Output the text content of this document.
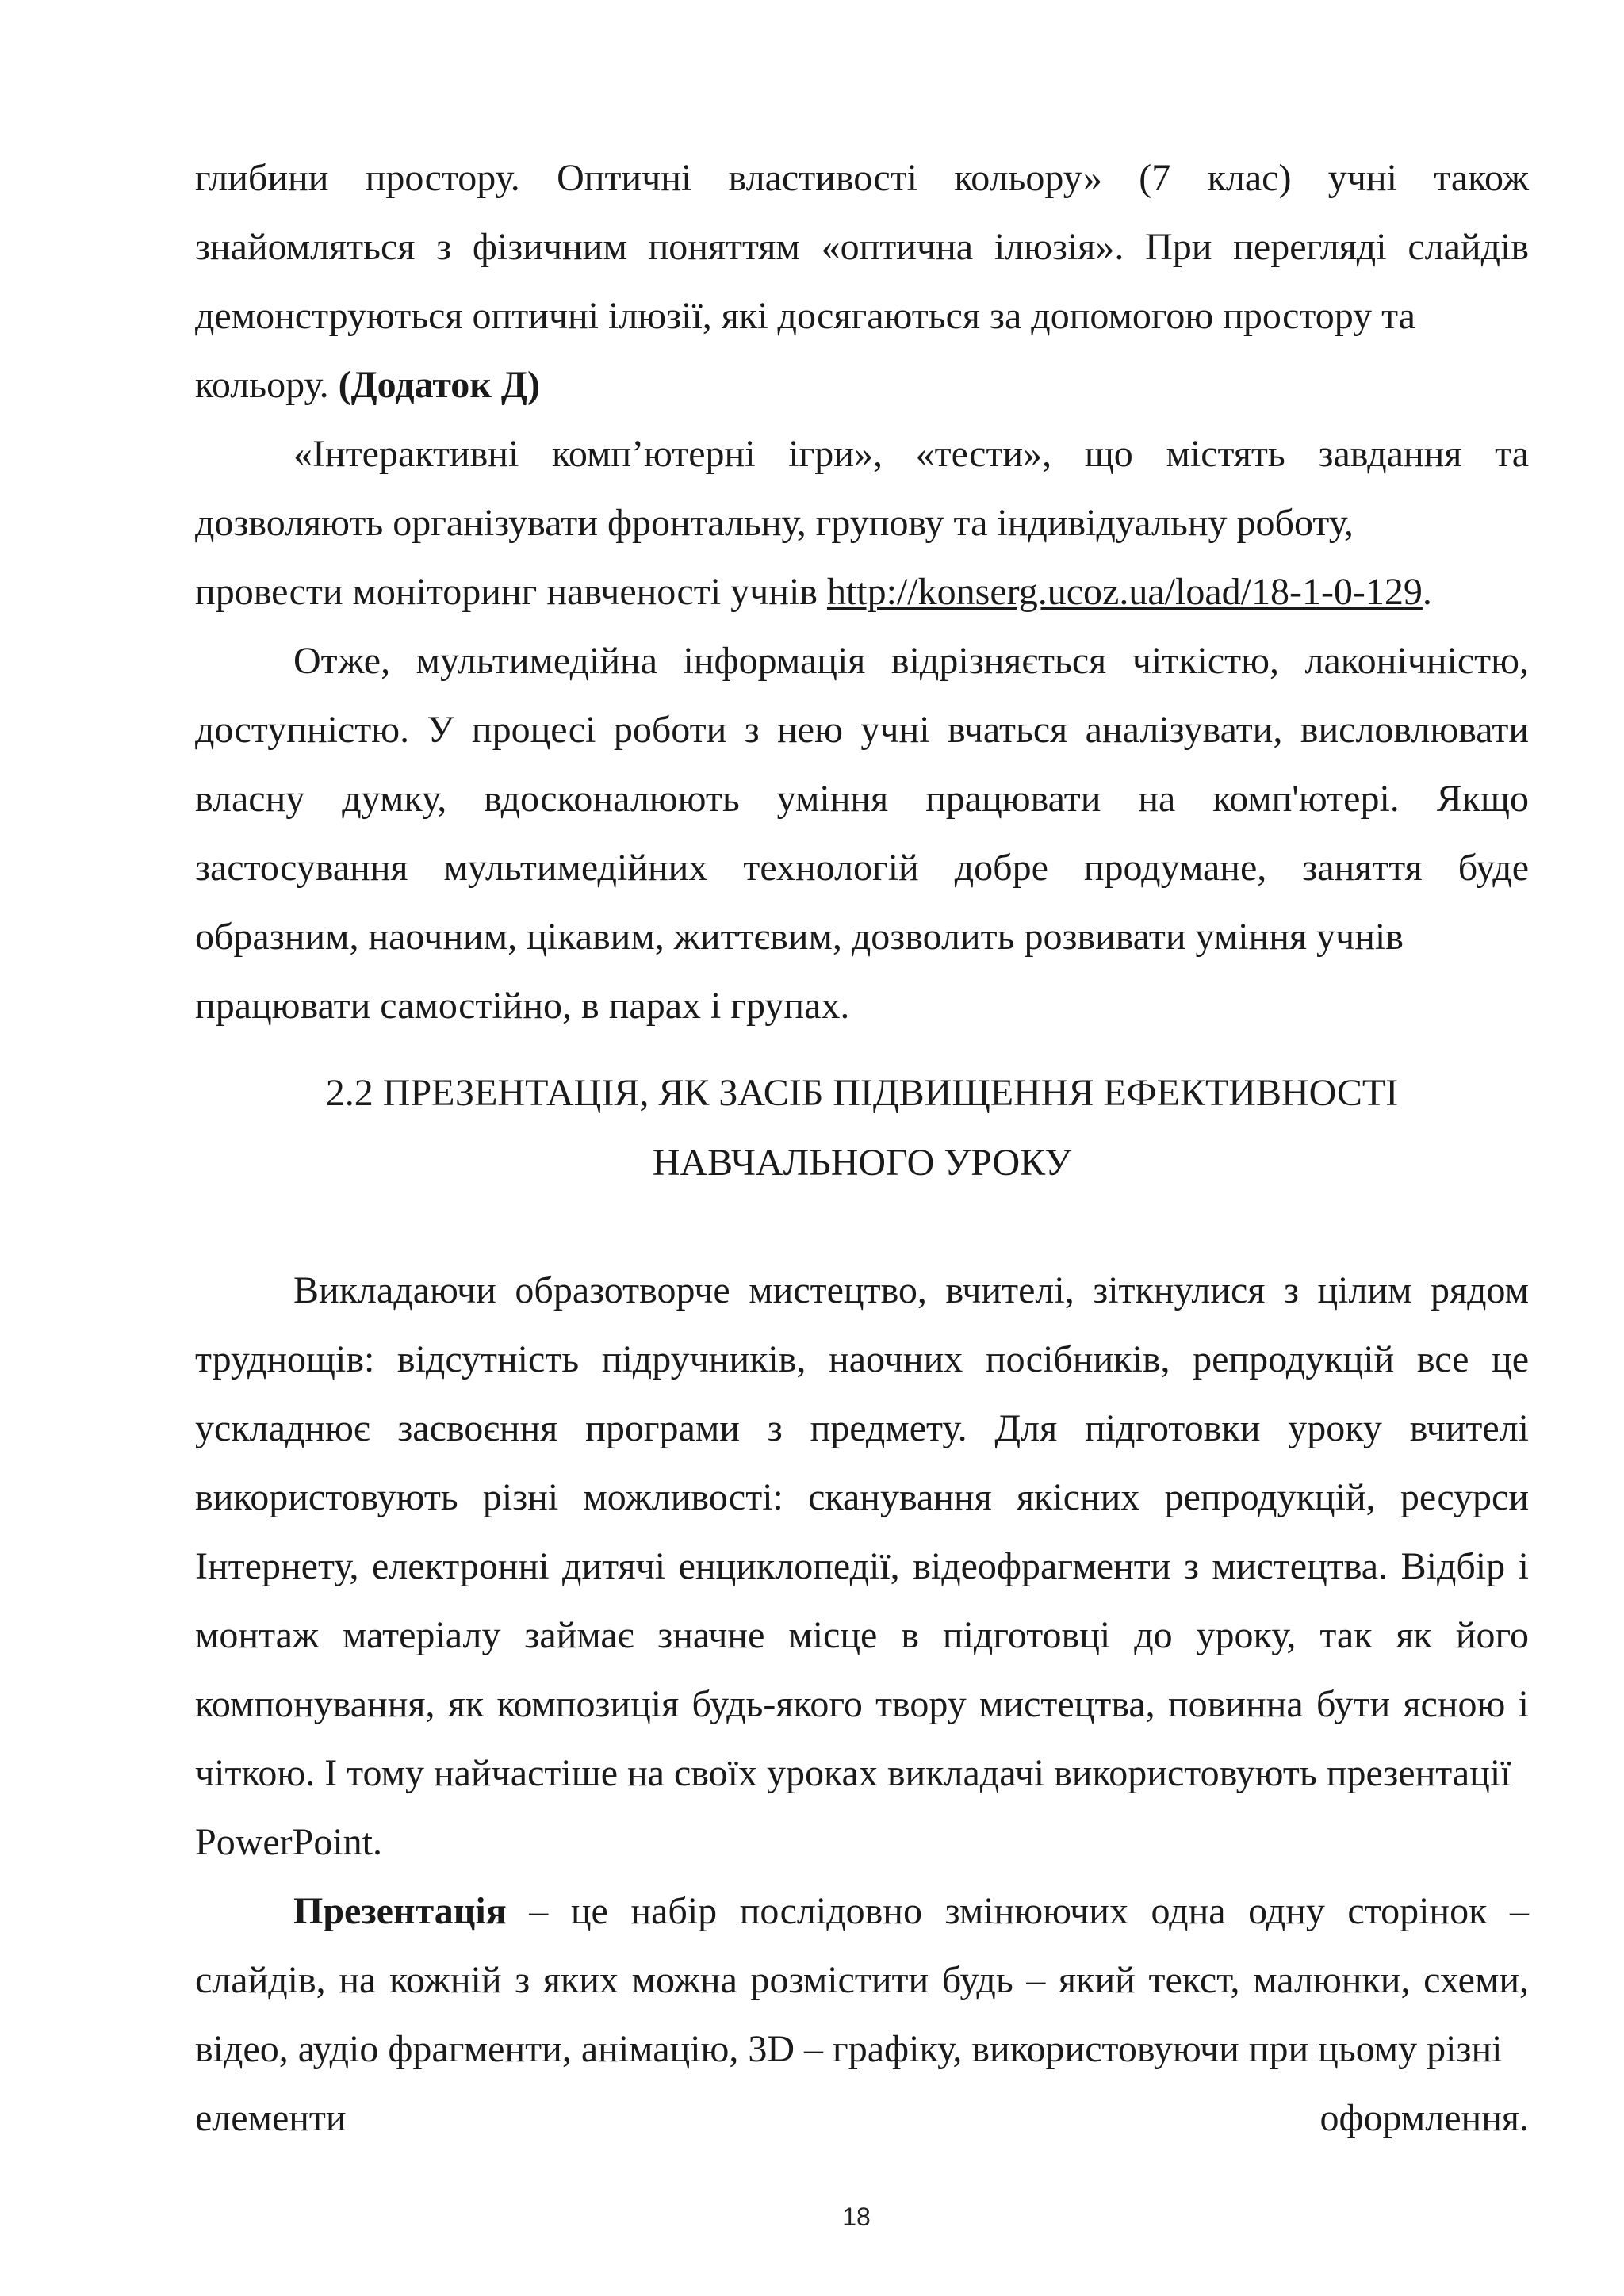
глибини простору. Оптичні властивості кольору» (7 клас) учні також знайомляться з фізичним поняттям «оптична ілюзія». При перегляді слайдів демонструються оптичні ілюзії, які досягаються за допомогою простору та

кольору. (Додаток Д)

«Інтерактивні комп’ютерні ігри», «тести», що містять завдання та дозволяють організувати фронтальну, групову та індивідуальну роботу,

провести моніторинг навченості учнів http://konserg.ucoz.ua/load/18-1-0-129.

Отже, мультимедійна інформація відрізняється чіткістю, лаконічністю, доступністю. У процесі роботи з нею учні вчаться аналізувати, висловлювати власну думку, вдосконалюють уміння працювати на комп'ютері. Якщо застосування мультимедійних технологій добре продумане, заняття буде образним, наочним, цікавим, життєвим, дозволить розвивати уміння учнів

працювати самостійно, в парах і групах.

2.2 ПРЕЗЕНТАЦІЯ, ЯК ЗАСІБ ПІДВИЩЕННЯ ЕФЕКТИВНОСТІ
НАВЧАЛЬНОГО УРОКУ

Викладаючи образотворче мистецтво, вчителі, зіткнулися з цілим рядом труднощів: відсутність підручників, наочних посібників, репродукцій все це ускладнює засвоєння програми з предмету. Для підготовки уроку вчителі використовують різні можливості: сканування якісних репродукцій, ресурси Інтернету, електронні дитячі енциклопедії, відеофрагменти з мистецтва. Відбір і монтаж матеріалу займає значне місце в підготовці до уроку, так як його компонування, як композиція будь-якого твору мистецтва, повинна бути ясною і чіткою. І тому найчастіше на своїх уроках викладачі використовують презентації

PowerPoint.

Презентація – це набір послідовно змінюючих одна одну сторінок – слайдів, на кожній з яких можна розмістити будь – який текст, малюнки, схеми, відео, аудіо фрагменти, анімацію, 3D – графіку, використовуючи при цьому різні

елементи	оформлення.
18
